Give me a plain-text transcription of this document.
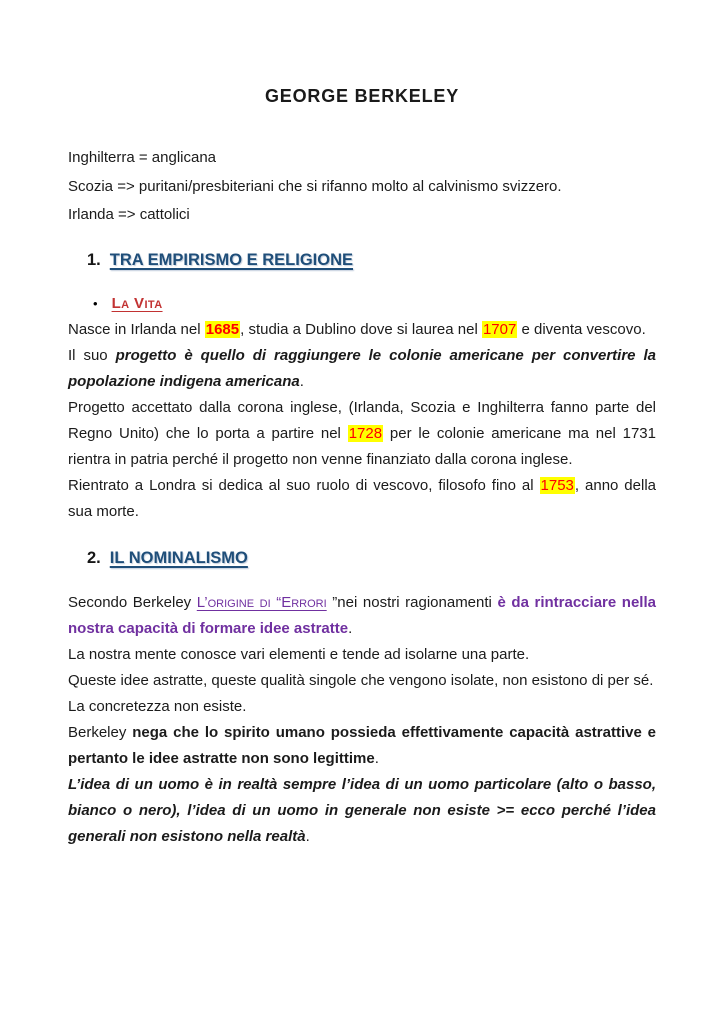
GEORGE BERKELEY

Inghilterra = anglicana

Scozia => puritani/presbiteriani che si rifanno molto al calvinismo svizzero.

Irlanda => cattolici

1. TRA EMPIRISMO E RELIGIONE
• La Vita

Nasce in Irlanda nel 1685, studia a Dublino dove si laurea nel 1707 e diventa vescovo.

Il suo progetto è quello di raggiungere le colonie americane per convertire la popolazione indigena americana.

Progetto accettato dalla corona inglese, (Irlanda, Scozia e Inghilterra fanno parte del Regno Unito) che lo porta a partire nel 1728 per le colonie americane ma nel 1731 rientra in patria perché il progetto non venne finanziato dalla corona inglese.

Rientrato a Londra si dedica al suo ruolo di vescovo, filosofo fino al 1753, anno della sua morte.

2. IL NOMINALISMO

Secondo Berkeley L’origine di “Errori ”nei nostri ragionamenti è da rintracciare nella nostra capacità di formare idee astratte.

La nostra mente conosce vari elementi e tende ad isolarne una parte.

Queste idee astratte, queste qualità singole che vengono isolate, non esistono di per sé.

La concretezza non esiste.

Berkeley nega che lo spirito umano possieda effettivamente capacità astrattive e pertanto le idee astratte non sono legittime.

L’idea di un uomo è in realtà sempre l’idea di un uomo particolare (alto o basso, bianco o nero), l’idea di un uomo in generale non esiste >= ecco perché l’idea generali non esistono nella realtà.
